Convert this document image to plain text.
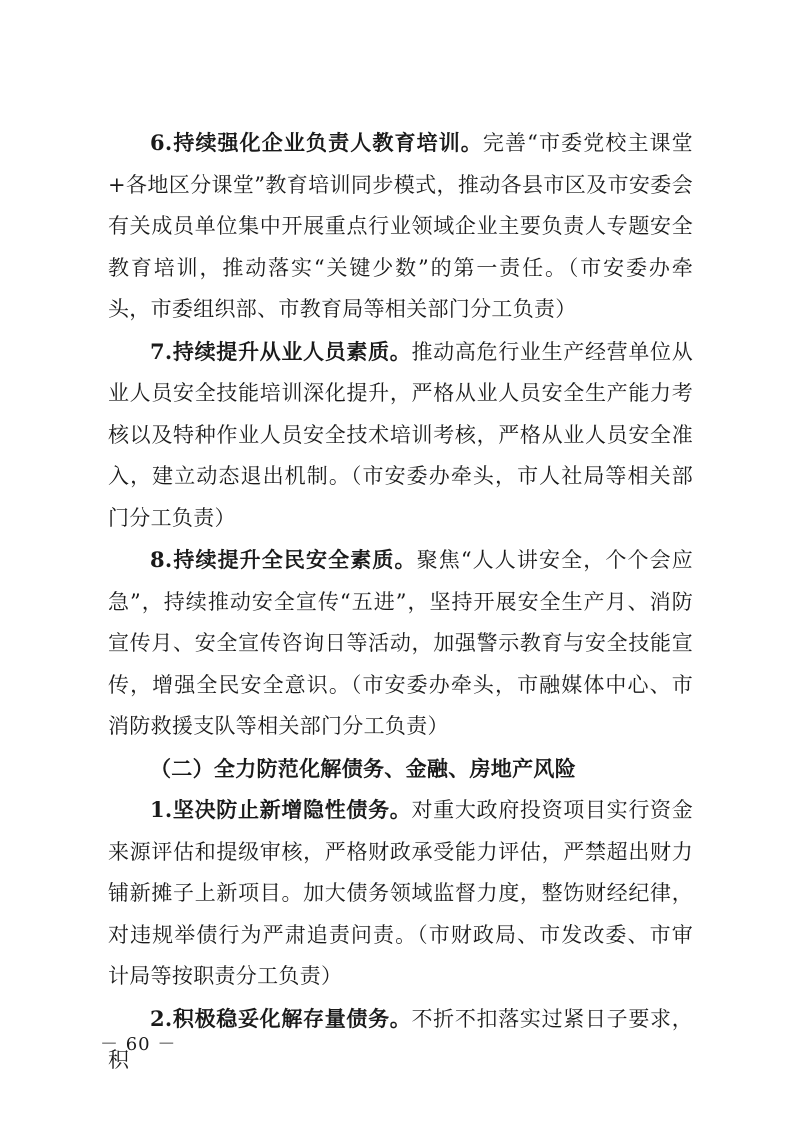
6.持续强化企业负责人教育培训。完善“市委党校主课堂+各地区分课堂”教育培训同步模式，推动各县市区及市安委会有关成员单位集中开展重点行业领域企业主要负责人专题安全教育培训，推动落实“关键少数”的第一责任。（市安委办牵头，市委组织部、市教育局等相关部门分工负责）

7.持续提升从业人员素质。推动高危行业生产经营单位从业人员安全技能培训深化提升，严格从业人员安全生产能力考核以及特种作业人员安全技术培训考核，严格从业人员安全准入，建立动态退出机制。（市安委办牵头，市人社局等相关部门分工负责）

8.持续提升全民安全素质。聚焦“人人讲安全，个个会应急”，持续推动安全宣传“五进”，坚持开展安全生产月、消防宣传月、安全宣传咨询日等活动，加强警示教育与安全技能宣传，增强全民安全意识。（市安委办牵头，市融媒体中心、市消防救援支队等相关部门分工负责）

（二）全力防范化解债务、金融、房地产风险

1.坚决防止新增隐性债务。对重大政府投资项目实行资金来源评估和提级审核，严格财政承受能力评估，严禁超出财力铺新摊子上新项目。加大债务领域监督力度，整饬财经纪律，对违规举债行为严肃追责问责。（市财政局、市发改委、市审计局等按职责分工负责）

2.积极稳妥化解存量债务。不折不扣落实过紧日子要求，积

－ 60 －
